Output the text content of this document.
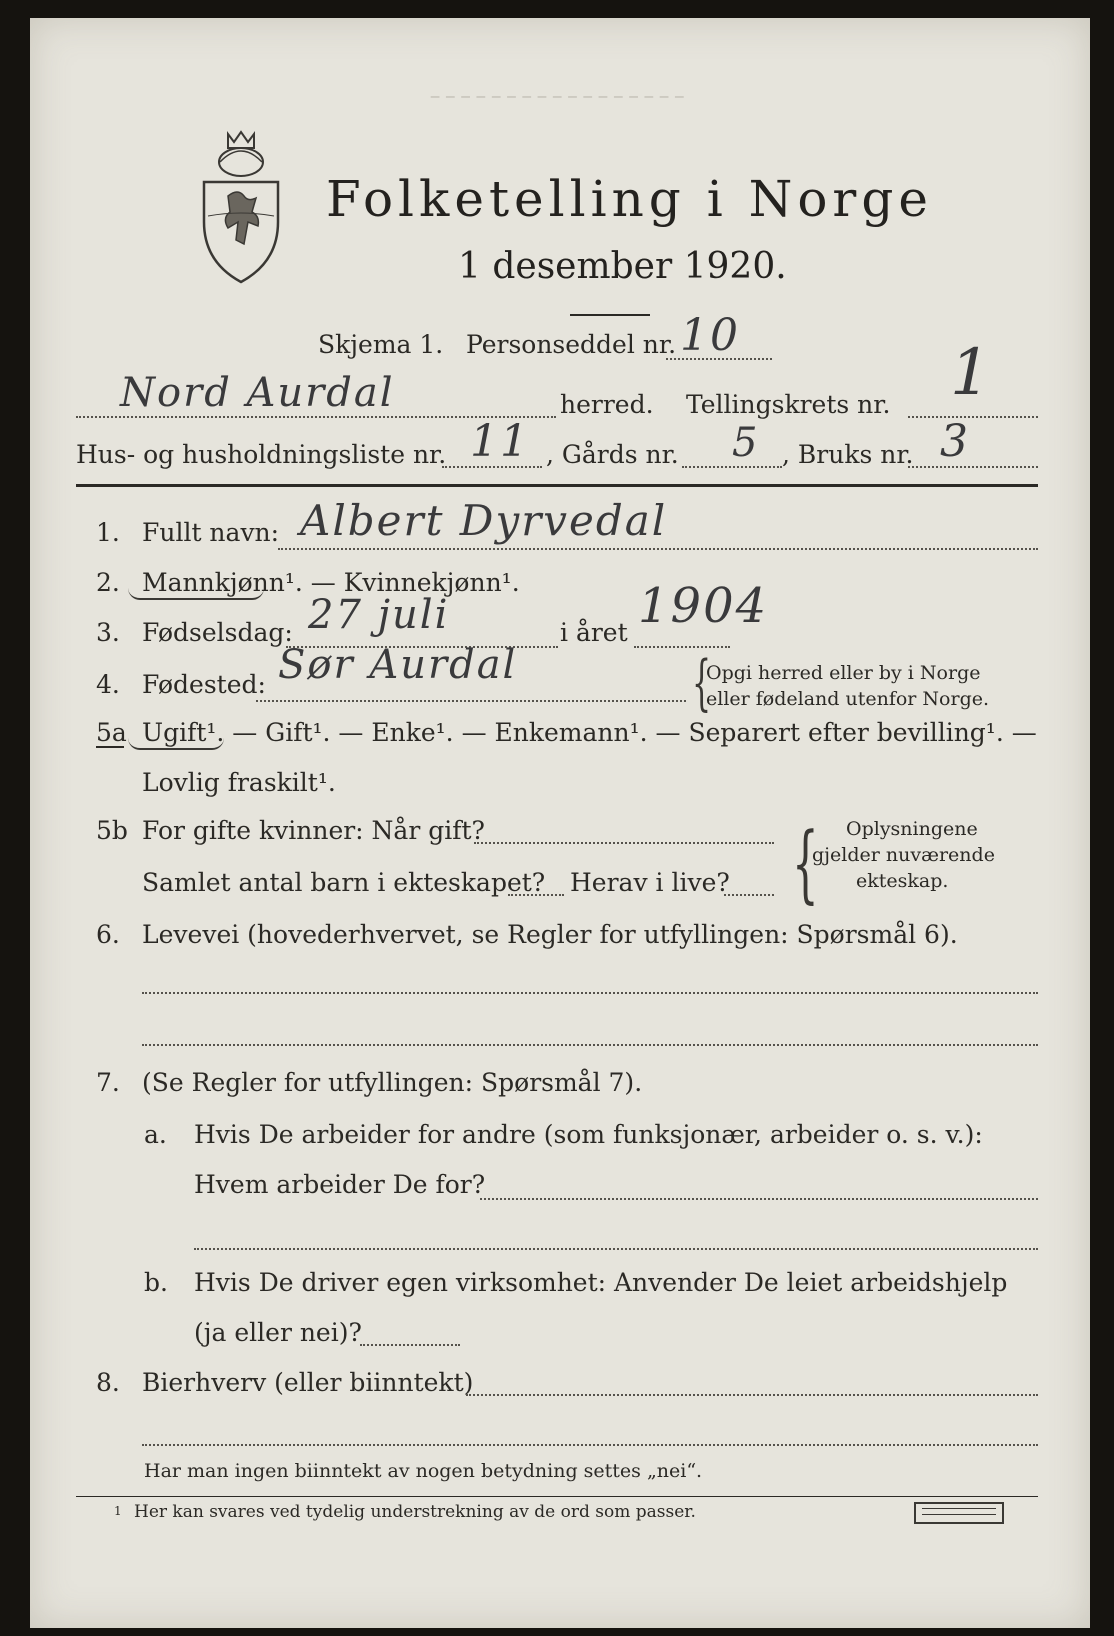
‒ ‒ ‒ ‒ ‒ ‒ ‒ ‒ ‒ ‒ ‒ ‒ ‒ ‒ ‒ ‒ ‒
Folketelling i Norge
1 desember 1920.
Skjema 1. Personseddel nr. 10
Nord Aurdal	herred. Tellingskrets nr. 1
Hus- og husholdningsliste nr. 11 , Gårds nr. 5 , Bruks nr. 3
1. Fullt navn: Albert Dyrvedal
2. Mannkjønn¹. — Kvinnekjønn¹.
3. Fødselsdag: 27 juli	i året 1904
4. Fødested: Sør Aurdal	{
Opgi herred eller by i Norge
eller fødeland utenfor Norge.
5a Ugift¹. — Gift¹. — Enke¹. — Enkemann¹. — Separert efter bevilling¹. —
Lovlig fraskilt¹.
5b For gifte kvinner: Når gift?
Samlet antal barn i ekteskapet? Herav i live? { Oplysningene
gjelder nuværende
ekteskap.
6. Levevei (hovederhvervet, se Regler for utfyllingen: Spørsmål 6).
7. (Se Regler for utfyllingen: Spørsmål 7).
a. Hvis De arbeider for andre (som funksjonær, arbeider o. s. v.):
Hvem arbeider De for?
b. Hvis De driver egen virksomhet: Anvender De leiet arbeidshjelp
(ja eller nei)?
8. Bierhverv (eller biinntekt)
Har man ingen biinntekt av nogen betydning settes „nei“.
1 Her kan svares ved tydelig understrekning av de ord som passer.
